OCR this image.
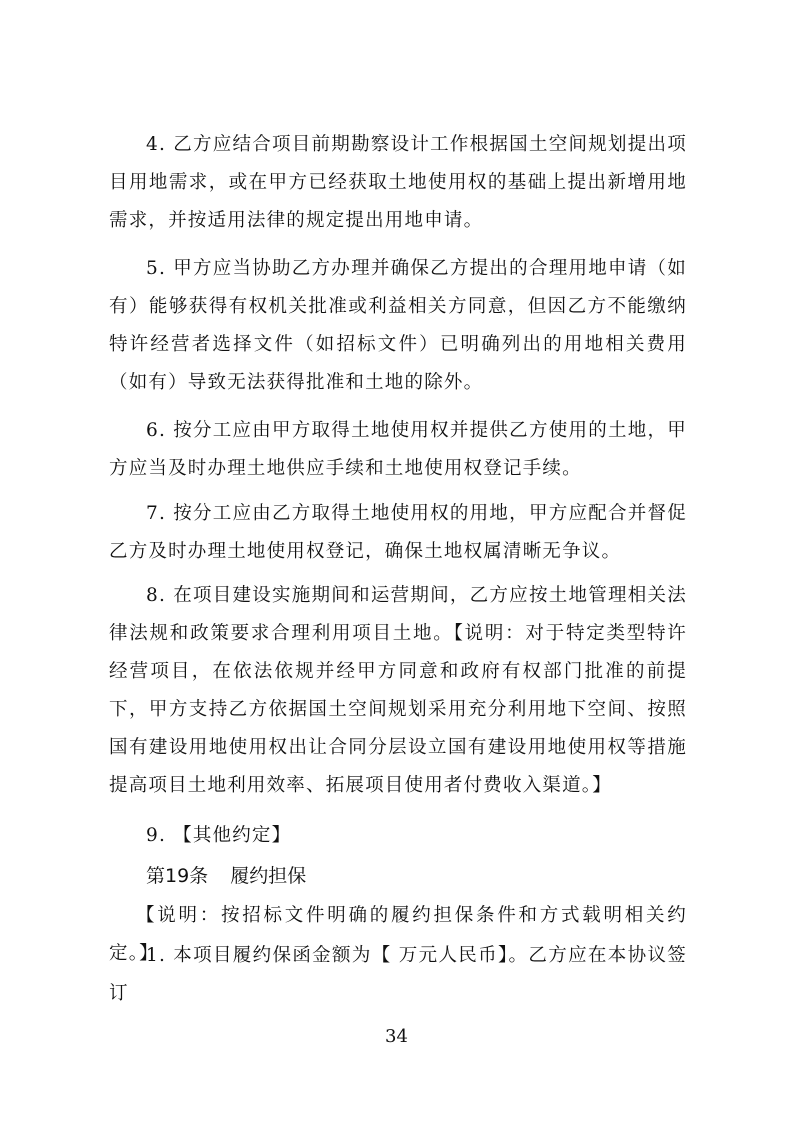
4. 乙方应结合项目前期勘察设计工作根据国土空间规划提出项目用地需求，或在甲方已经获取土地使用权的基础上提出新增用地需求，并按适用法律的规定提出用地申请。

5. 甲方应当协助乙方办理并确保乙方提出的合理用地申请（如有）能够获得有权机关批准或利益相关方同意，但因乙方不能缴纳特许经营者选择文件（如招标文件）已明确列出的用地相关费用（如有）导致无法获得批准和土地的除外。

6. 按分工应由甲方取得土地使用权并提供乙方使用的土地，甲方应当及时办理土地供应手续和土地使用权登记手续。

7. 按分工应由乙方取得土地使用权的用地，甲方应配合并督促乙方及时办理土地使用权登记，确保土地权属清晰无争议。

8. 在项目建设实施期间和运营期间，乙方应按土地管理相关法律法规和政策要求合理利用项目土地。【说明：对于特定类型特许经营项目，在依法依规并经甲方同意和政府有权部门批准的前提下，甲方支持乙方依据国土空间规划采用充分利用地下空间、按照国有建设用地使用权出让合同分层设立国有建设用地使用权等措施提高项目土地利用效率、拓展项目使用者付费收入渠道。】

9. 【其他约定】

第19条 履约担保

【说明：按招标文件明确的履约担保条件和方式载明相关约定。】

1. 本项目履约保函金额为【 万元人民币】。乙方应在本协议签订

34
